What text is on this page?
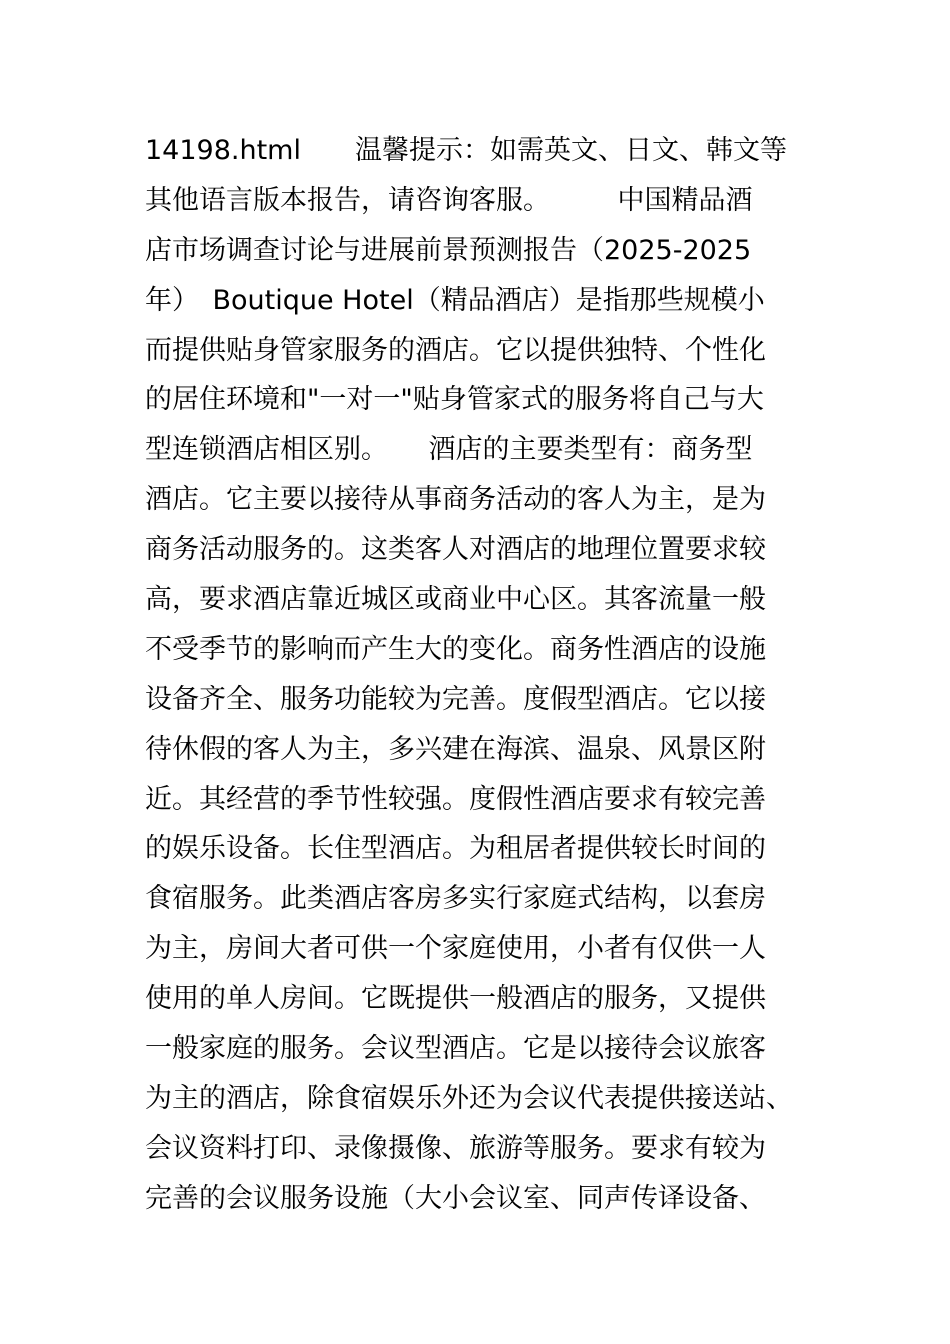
14198.html　　温馨提示：如需英文、日文、韩文等
其他语言版本报告，请咨询客服。　　　中国精品酒
店市场调查讨论与进展前景预测报告（2025-2025
年）　Boutique Hotel（精品酒店）是指那些规模小
而提供贴身管家服务的酒店。它以提供独特、个性化
的居住环境和"一对一"贴身管家式的服务将自己与大
型连锁酒店相区别。　　酒店的主要类型有：商务型
酒店。它主要以接待从事商务活动的客人为主，是为
商务活动服务的。这类客人对酒店的地理位置要求较
高，要求酒店靠近城区或商业中心区。其客流量一般
不受季节的影响而产生大的变化。商务性酒店的设施
设备齐全、服务功能较为完善。度假型酒店。它以接
待休假的客人为主，多兴建在海滨、温泉、风景区附
近。其经营的季节性较强。度假性酒店要求有较完善
的娱乐设备。长住型酒店。为租居者提供较长时间的
食宿服务。此类酒店客房多实行家庭式结构，以套房
为主，房间大者可供一个家庭使用，小者有仅供一人
使用的单人房间。它既提供一般酒店的服务，又提供
一般家庭的服务。会议型酒店。它是以接待会议旅客
为主的酒店，除食宿娱乐外还为会议代表提供接送站、
会议资料打印、录像摄像、旅游等服务。要求有较为
完善的会议服务设施（大小会议室、同声传译设备、
